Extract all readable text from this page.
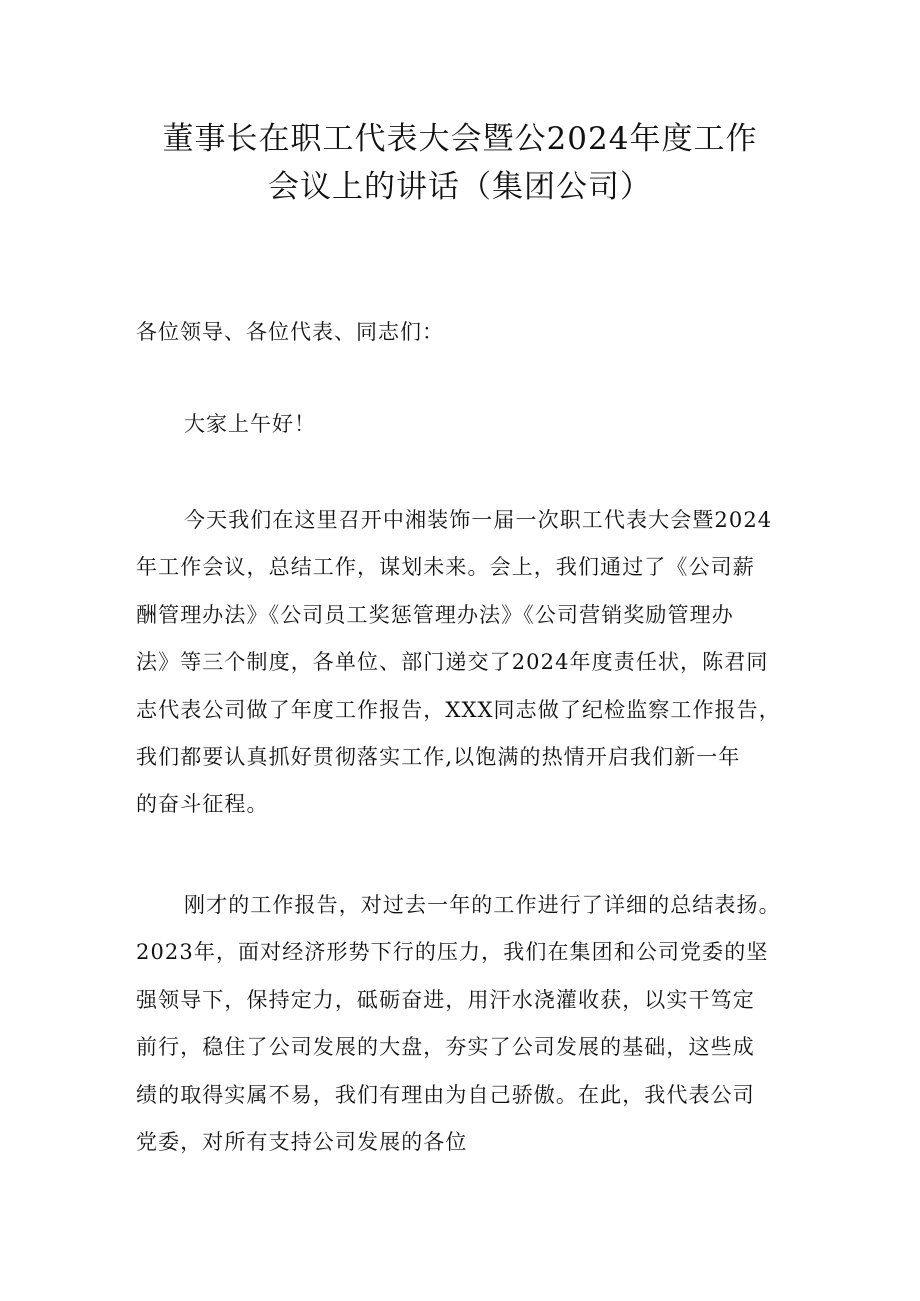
董事长在职工代表大会暨公2024年度工作
会议上的讲话（集团公司）
各位领导、各位代表、同志们：
大家上午好！
今天我们在这里召开中湘装饰一届一次职工代表大会暨2024
年工作会议，总结工作，谋划未来。会上，我们通过了《公司薪
酬管理办法》《公司员工奖惩管理办法》《公司营销奖励管理办
法》等三个制度，各单位、部门递交了2024年度责任状，陈君同
志代表公司做了年度工作报告，XXX同志做了纪检监察工作报告，
我们都要认真抓好贯彻落实工作,以饱满的热情开启我们新一年
的奋斗征程。
刚才的工作报告，对过去一年的工作进行了详细的总结表扬。
2023年，面对经济形势下行的压力，我们在集团和公司党委的坚
强领导下，保持定力，砥砺奋进，用汗水浇灌收获，以实干笃定
前行，稳住了公司发展的大盘，夯实了公司发展的基础，这些成
绩的取得实属不易，我们有理由为自己骄傲。在此，我代表公司
党委，对所有支持公司发展的各位
